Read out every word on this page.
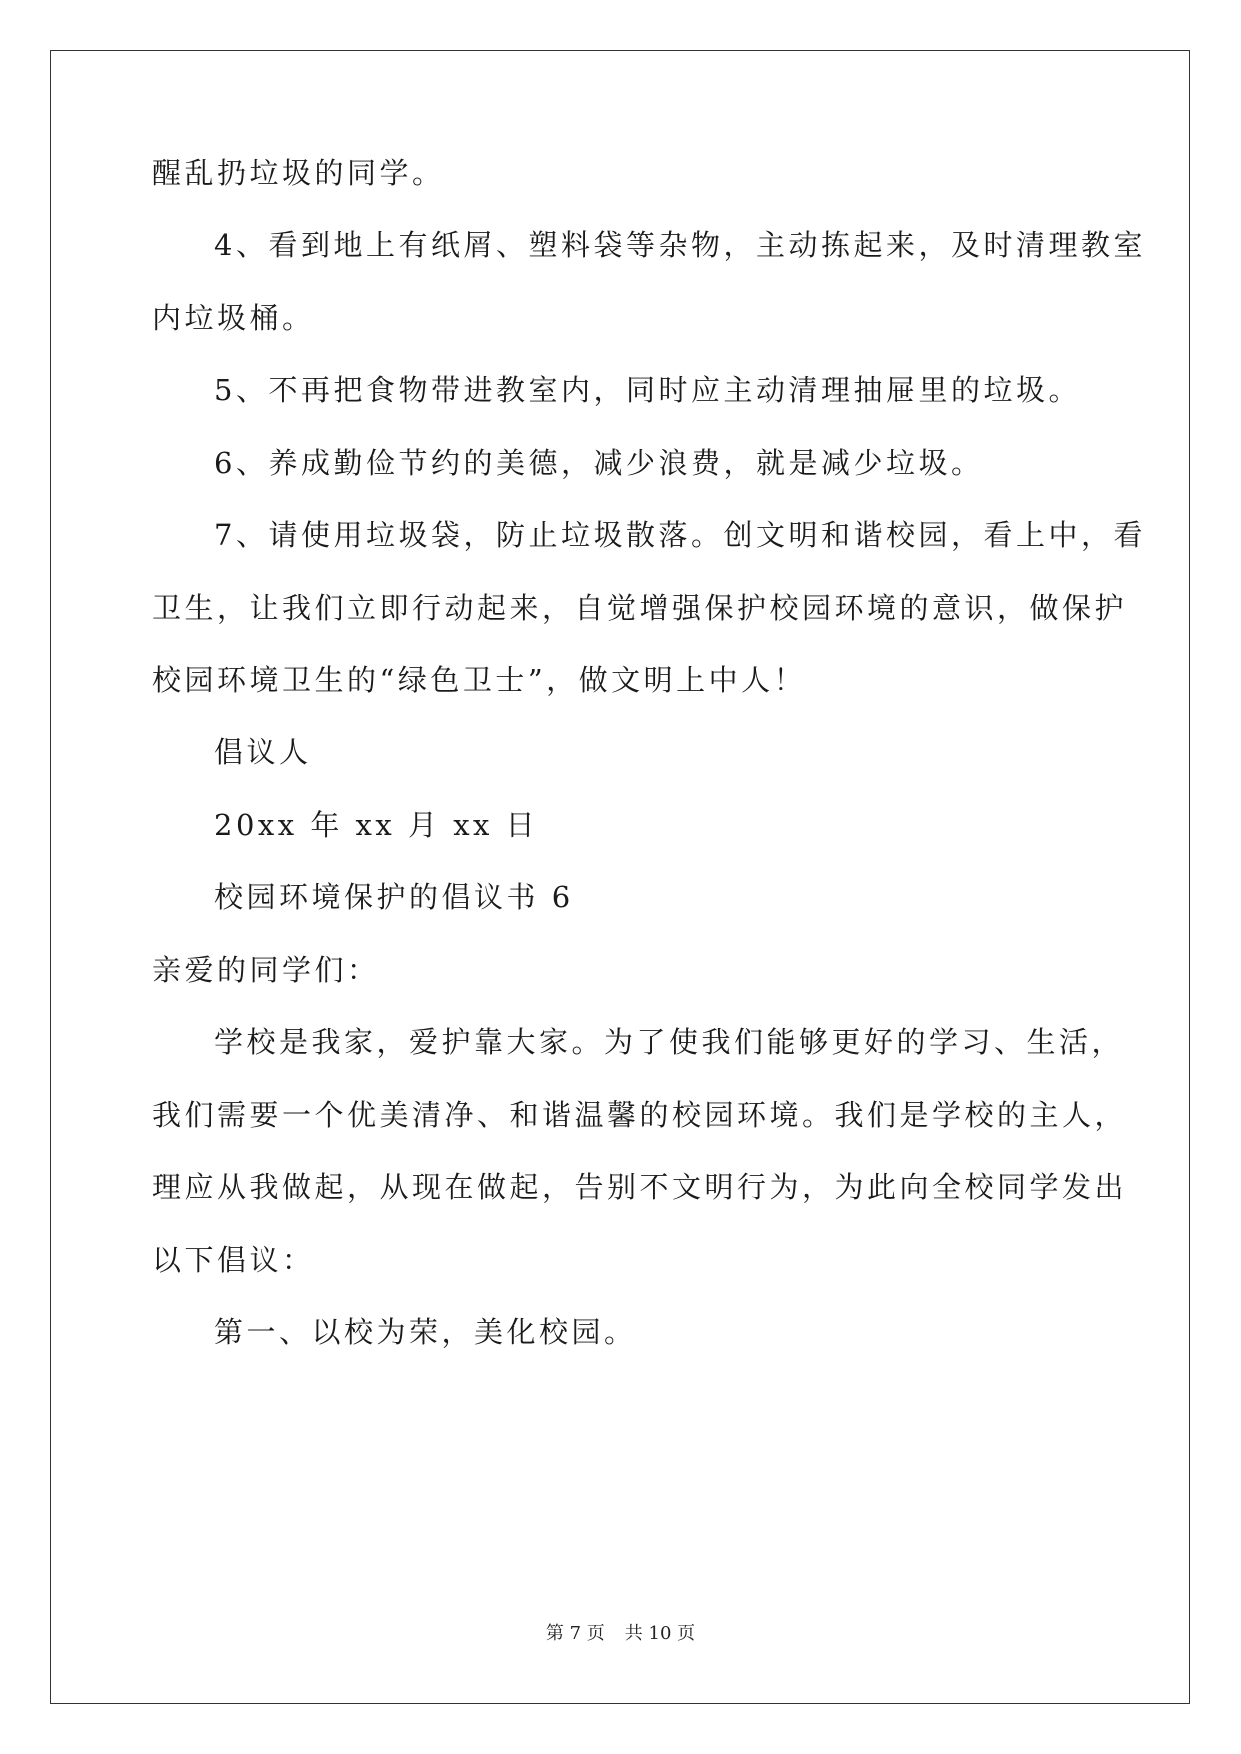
醒乱扔垃圾的同学。
4、看到地上有纸屑、塑料袋等杂物，主动拣起来，及时清理教室
内垃圾桶。
5、不再把食物带进教室内，同时应主动清理抽屉里的垃圾。
6、养成勤俭节约的美德，减少浪费，就是减少垃圾。
7、请使用垃圾袋，防止垃圾散落。创文明和谐校园，看上中，看
卫生，让我们立即行动起来，自觉增强保护校园环境的意识，做保护
校园环境卫生的“绿色卫士”，做文明上中人！
倡议人
20xx 年 xx 月 xx 日
校园环境保护的倡议书 6
亲爱的同学们：
学校是我家，爱护靠大家。为了使我们能够更好的学习、生活，
我们需要一个优美清净、和谐温馨的校园环境。我们是学校的主人，
理应从我做起，从现在做起，告别不文明行为，为此向全校同学发出
以下倡议：
第一、以校为荣，美化校园。
第 7 页 共 10 页
